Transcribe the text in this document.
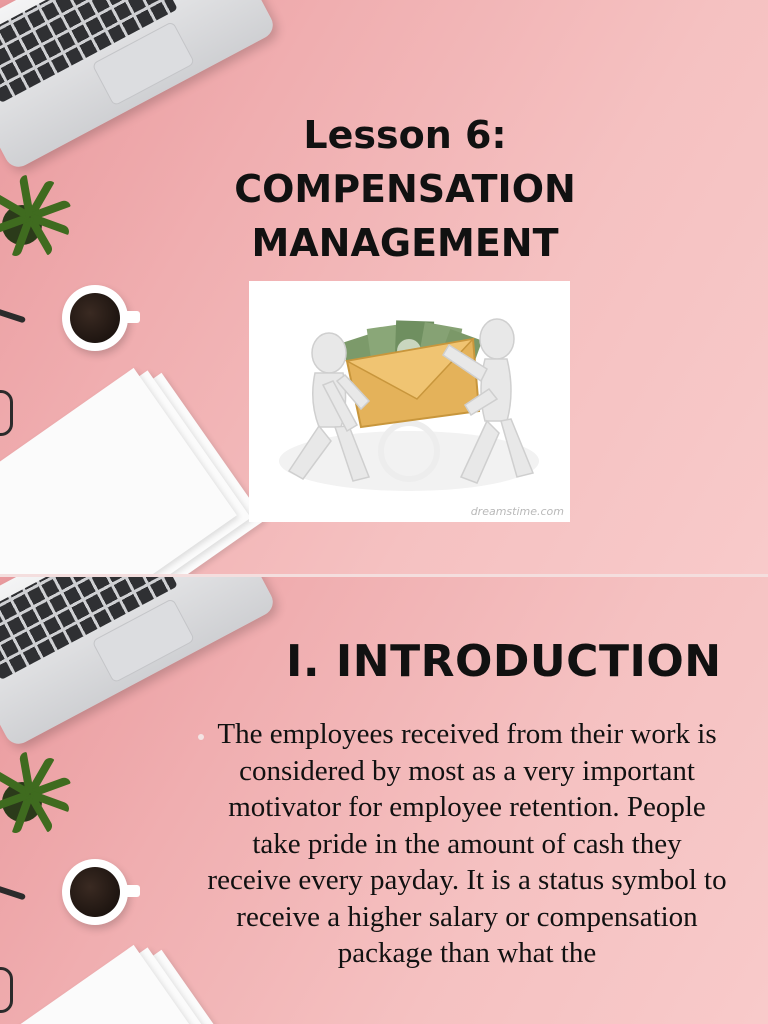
Lesson 6:
COMPENSATION
MANAGEMENT
dreamstime.com
I. INTRODUCTION

The employees received from their work is considered by most as a very important motivator for employee retention. People take pride in the amount of cash they receive every payday. It is a status symbol to receive a higher salary or compensation package than what the
